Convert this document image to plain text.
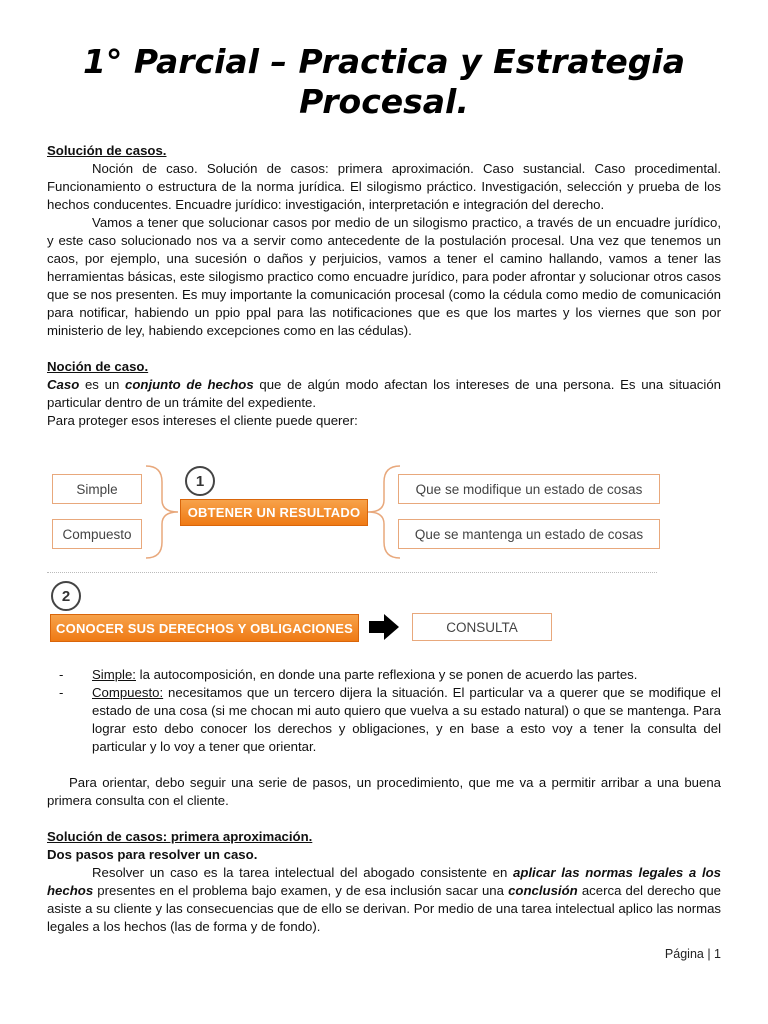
1° Parcial – Practica y Estrategia
Procesal.

Solución de casos.

Noción de caso. Solución de casos: primera aproximación. Caso sustancial. Caso procedimental. Funcionamiento o estructura de la norma jurídica. El silogismo práctico. Investigación, selección y prueba de los hechos conducentes. Encuadre jurídico: investigación, interpretación e integración del derecho.

Vamos a tener que solucionar casos por medio de un silogismo practico, a través de un encuadre jurídico, y este caso solucionado nos va a servir como antecedente de la postulación procesal. Una vez que tenemos un caos, por ejemplo, una sucesión o daños y perjuicios, vamos a tener el camino hallando, vamos a tener las herramientas básicas, este silogismo practico como encuadre jurídico, para poder afrontar y solucionar otros casos que se nos presenten. Es muy importante la comunicación procesal (como la cédula como medio de comunicación para notificar, habiendo un ppio ppal para las notificaciones que es que los martes y los viernes que son por ministerio de ley, habiendo excepciones como en las cédulas).

Noción de caso.

Caso es un conjunto de hechos que de algún modo afectan los intereses de una persona. Es una situación particular dentro de un trámite del expediente.

Para proteger esos intereses el cliente puede querer:

Simple
Compuesto
1
OBTENER UN RESULTADO
Que se modifique un estado de cosas
Que se mantenga un estado de cosas
2
CONOCER SUS DERECHOS Y OBLIGACIONES	CONSULTA
- Simple: la autocomposición, en donde una parte reflexiona y se ponen de acuerdo las partes.
- Compuesto: necesitamos que un tercero dijera la situación. El particular va a querer que se modifique el estado de una cosa (si me chocan mi auto quiero que vuelva a su estado natural) o que se mantenga. Para lograr esto debo conocer los derechos y obligaciones, y en base a esto voy a tener la consulta del particular y lo voy a tener que orientar.

Para orientar, debo seguir una serie de pasos, un procedimiento, que me va a permitir arribar a una buena primera consulta con el cliente.

Solución de casos: primera aproximación.

Dos pasos para resolver un caso.

Resolver un caso es la tarea intelectual del abogado consistente en aplicar las normas legales a los hechos presentes en el problema bajo examen, y de esa inclusión sacar una conclusión acerca del derecho que asiste a su cliente y las consecuencias que de ello se derivan. Por medio de una tarea intelectual aplico las normas legales a los hechos (las de forma y de fondo).

Página | 1
